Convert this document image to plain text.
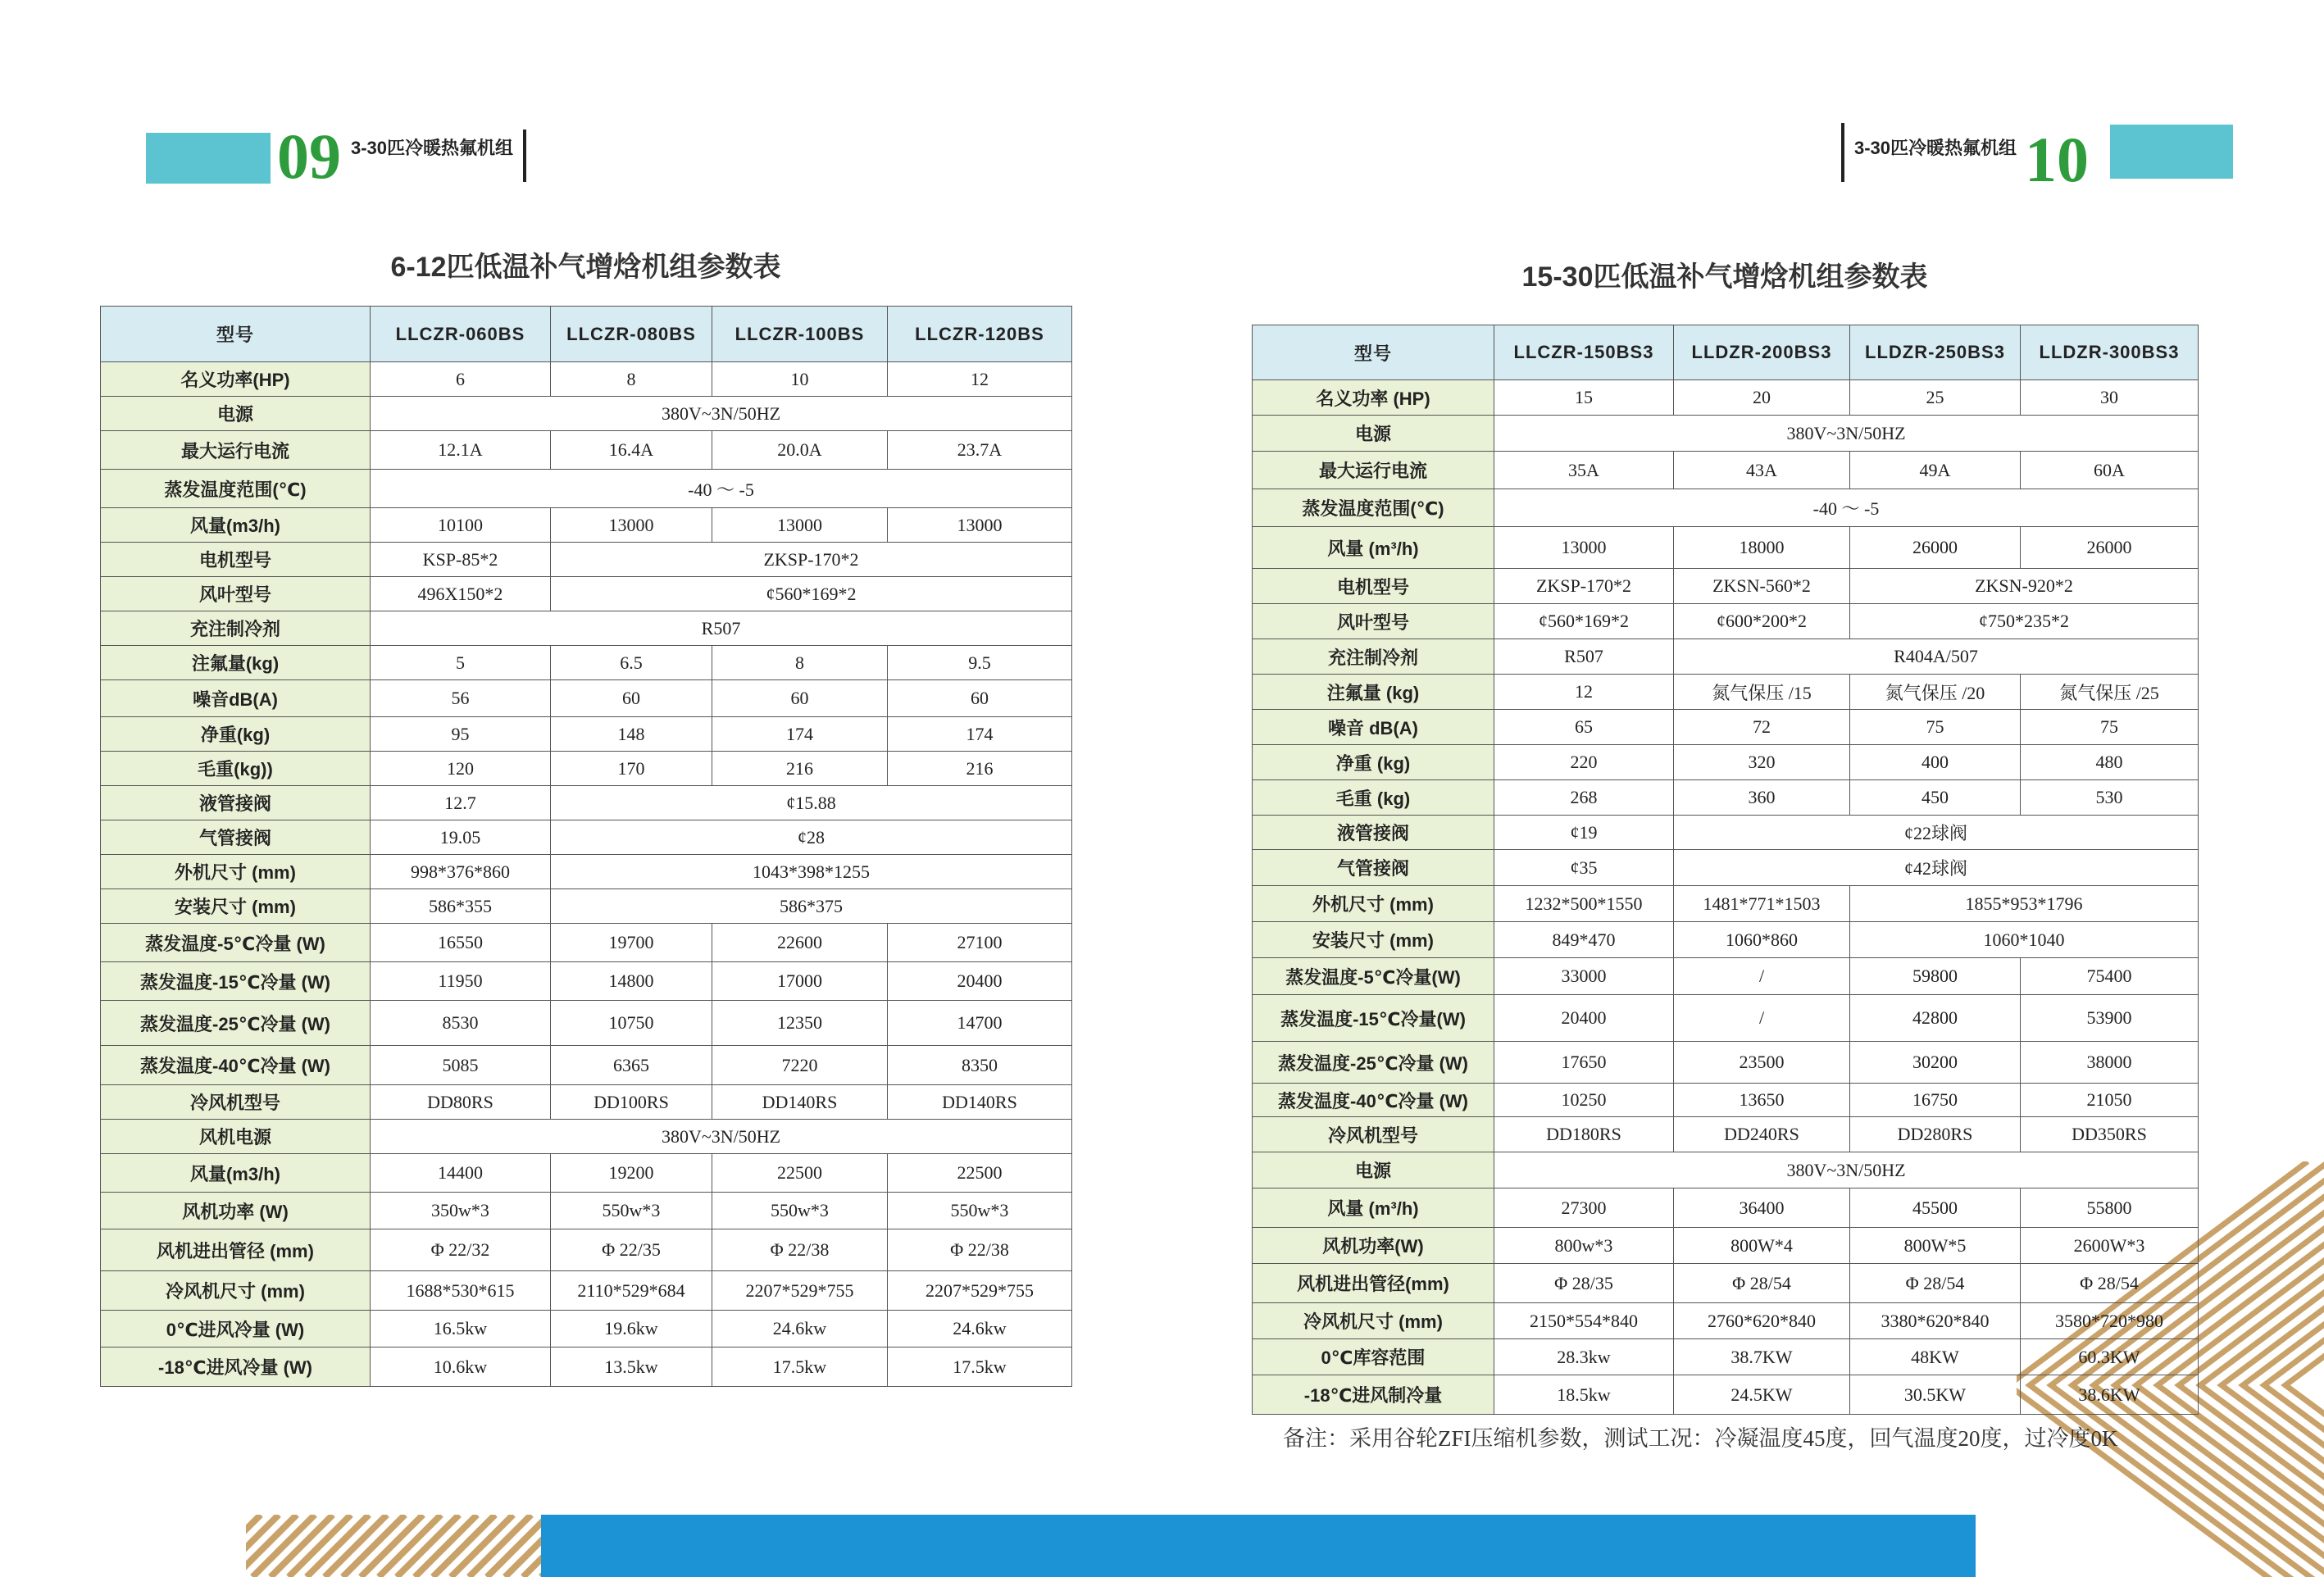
09 3-30匹冷暖热氟机组	3-30匹冷暖热氟机组 10
6-12匹低温补气增焓机组参数表	15-30匹低温补气增焓机组参数表
型号	LLCZR-060BS	LLCZR-080BS	LLCZR-100BS	LLCZR-120BS
名义功率(HP)	6	8	10	12
电源	380V~3N/50HZ			
最大运行电流	12.1A	16.4A	20.0A	23.7A
蒸发温度范围(℃)	-40 ～ -5			
风量(m3/h)	10100	13000	13000	13000
电机型号	KSP-85*2	ZKSP-170*2		
风叶型号	496X150*2	¢560*169*2		
充注制冷剂	R507			
注氟量(kg)	5	6.5	8	9.5
噪音dB(A)	56	60	60	60
净重(kg)	95	148	174	174
毛重(kg))	120	170	216	216
液管接阀	12.7	¢15.88		
气管接阀	19.05	¢28		
外机尺寸 (mm)	998*376*860	1043*398*1255		
安装尺寸 (mm)	586*355	586*375		
蒸发温度-5℃冷量 (W)	16550	19700	22600	27100
蒸发温度-15℃冷量 (W)	11950	14800	17000	20400
蒸发温度-25℃冷量 (W)	8530	10750	12350	14700
蒸发温度-40℃冷量 (W)	5085	6365	7220	8350
冷风机型号	DD80RS	DD100RS	DD140RS	DD140RS
风机电源	380V~3N/50HZ			
风量(m3/h)	14400	19200	22500	22500
风机功率 (W)	350w*3	550w*3	550w*3	550w*3
风机进出管径 (mm)	Φ 22/32	Φ 22/35	Φ 22/38	Φ 22/38
冷风机尺寸 (mm)	1688*530*615	2110*529*684	2207*529*755	2207*529*755
0℃进风冷量 (W)	16.5kw	19.6kw	24.6kw	24.6kw
-18℃进风冷量 (W)	10.6kw	13.5kw	17.5kw	17.5kw
型号	LLCZR-150BS3	LLDZR-200BS3	LLDZR-250BS3	LLDZR-300BS3
名义功率 (HP)	15	20	25	30
电源	380V~3N/50HZ			
最大运行电流	35A	43A	49A	60A
蒸发温度范围(℃)	-40 ～ -5			
风量 (m³/h)	13000	18000	26000	26000
电机型号	ZKSP-170*2	ZKSN-560*2	ZKSN-920*2	
风叶型号	¢560*169*2	¢600*200*2	¢750*235*2	
充注制冷剂	R507	R404A/507		
注氟量 (kg)	12	氮气保压 /15	氮气保压 /20	氮气保压 /25
噪音 dB(A)	65	72	75	75
净重 (kg)	220	320	400	480
毛重 (kg)	268	360	450	530
液管接阀	¢19	¢22球阀		
气管接阀	¢35	¢42球阀		
外机尺寸 (mm)	1232*500*1550	1481*771*1503	1855*953*1796	
安装尺寸 (mm)	849*470	1060*860	1060*1040	
蒸发温度-5℃冷量(W)	33000	/	59800	75400
蒸发温度-15℃冷量(W)	20400	/	42800	53900
蒸发温度-25℃冷量 (W)	17650	23500	30200	38000
蒸发温度-40℃冷量 (W)	10250	13650	16750	21050
冷风机型号	DD180RS	DD240RS	DD280RS	DD350RS
电源	380V~3N/50HZ			
风量 (m³/h)	27300	36400	45500	55800
风机功率(W)	800w*3	800W*4	800W*5	2600W*3
风机进出管径(mm)	Φ 28/35	Φ 28/54	Φ 28/54	Φ 28/54
冷风机尺寸 (mm)	2150*554*840	2760*620*840	3380*620*840	3580*720*980
0℃库容范围	28.3kw	38.7KW	48KW	60.3KW
-18℃进风制冷量	18.5kw	24.5KW	30.5KW	38.6KW
备注：采用谷轮ZFI压缩机参数，测试工况：冷凝温度45度，回气温度20度，过冷度0K
